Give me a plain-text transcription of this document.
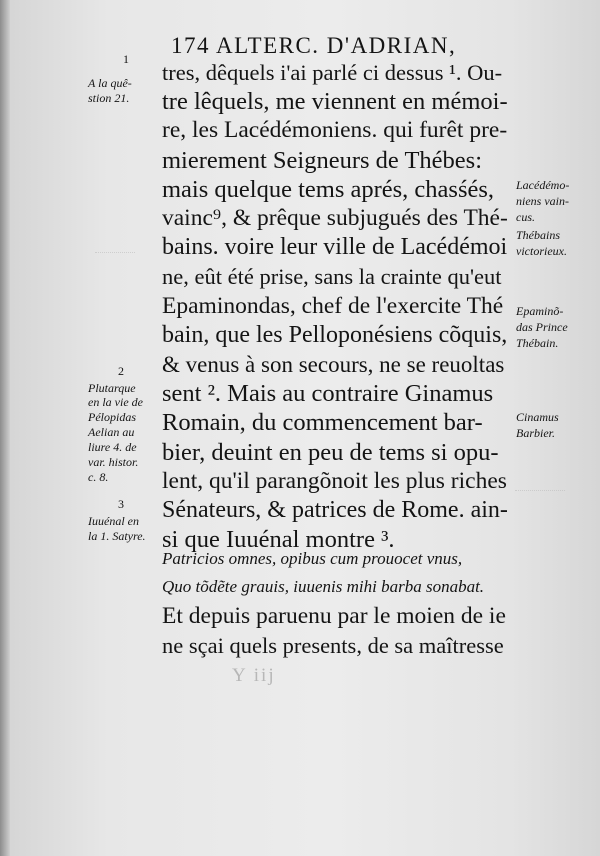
174 ALTERC. D'ADRIAN,
tres, dêquels i'ai parlé ci dessus ¹. Ou-
tre lêquels, me viennent en mémoi-
re, les Lacédémoniens. qui furêt pre-
mierement Seigneurs de Thébes:
mais quelque tems aprés, chasśés,
vainc⁹, & prêque subjugués des Thé-
bains. voire leur ville de Lacédémoi
ne, eût été prise, sans la crainte qu'eut
Epaminondas, chef de l'exercite Thé
bain, que les Pelloponésiens cõquis,
& venus à son secours, ne se reuoltas
sent ². Mais au contraire Ginamus
Romain, du commencement bar-
bier, deuint en peu de tems si opu-
lent, qu'il parangõnoit les plus riches
Sénateurs, & patrices de Rome. ain-
si que Iuuénal montre ³.
Patricios omnes, opibus cum prouocet vnus,
Quo tõdẽte grauis, iuuenis mihi barba sonabat.
Et depuis paruenu par le moien de ie
ne sçai quels presents, de sa maîtresse
1
A la quê-
stion 21.
2
Plutarque
en la vie de
Pélopidas
Aelian au
liure 4. de
var. histor.
c. 8.
3
Iuuénal en
la 1. Satyre.
Lacédémo-
niens vain-
cus.
Thébains
victorieux.
Epaminõ-
das Prince
Thébain.
Cinamus
Barbier.
Y iij
